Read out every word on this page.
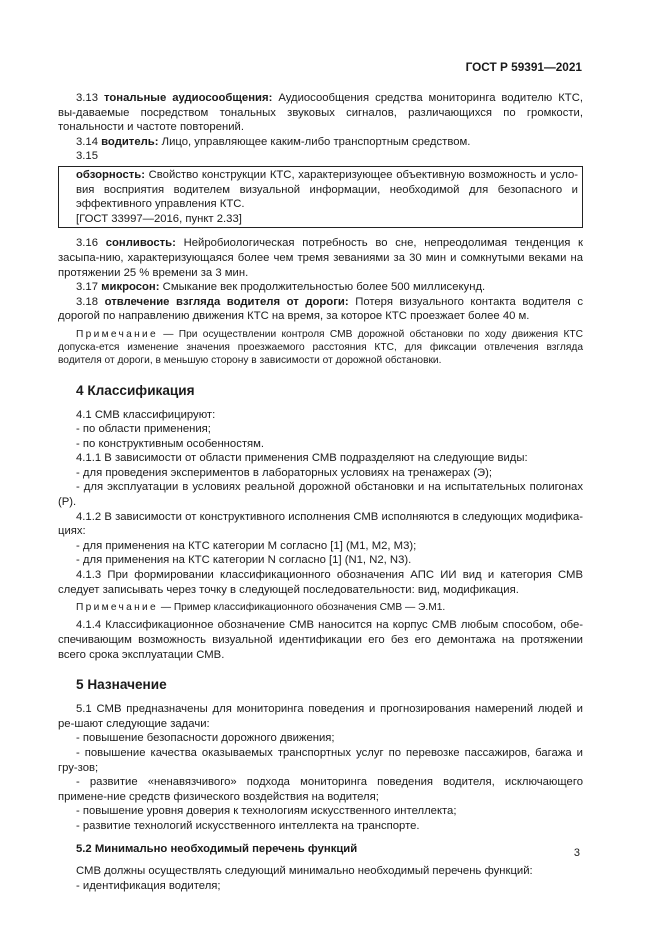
ГОСТ Р 59391—2021

3.13 тональные аудиосообщения: Аудиосообщения средства мониторинга водителю КТС, вы-даваемые посредством тональных звуковых сигналов, различающихся по громкости, тональности и частоте повторений.

3.14 водитель: Лицо, управляющее каким-либо транспортным средством.

3.15

обзорность: Свойство конструкции КТС, характеризующее объективную возможность и усло-вия восприятия водителем визуальной информации, необходимой для безопасного и эффективного управления КТС.

[ГОСТ 33997—2016, пункт 2.33]

3.16 сонливость: Нейробиологическая потребность во сне, непреодолимая тенденция к засыпа-нию, характеризующаяся более чем тремя зеваниями за 30 мин и сомкнутыми веками на протяжении 25 % времени за 3 мин.

3.17 микросон: Смыкание век продолжительностью более 500 миллисекунд.

3.18 отвлечение взгляда водителя от дороги: Потеря визуального контакта водителя с дорогой по направлению движения КТС на время, за которое КТС проезжает более 40 м.

Примечание — При осуществлении контроля СМВ дорожной обстановки по ходу движения КТС допуска-ется изменение значения проезжаемого расстояния КТС, для фиксации отвлечения взгляда водителя от дороги, в меньшую сторону в зависимости от дорожной обстановки.

4 Классификация

4.1 СМВ классифицируют:

- по области применения;

- по конструктивным особенностям.

4.1.1 В зависимости от области применения СМВ подразделяют на следующие виды:

- для проведения экспериментов в лабораторных условиях на тренажерах (Э);

- для эксплуатации в условиях реальной дорожной обстановки и на испытательных полигонах (Р).

4.1.2 В зависимости от конструктивного исполнения СМВ исполняются в следующих модифика-циях:

- для применения на КТС категории M согласно [1] (M1, M2, M3);

- для применения на КТС категории N согласно [1] (N1, N2, N3).

4.1.3 При формировании классификационного обозначения АПС ИИ вид и категория СМВ следует записывать через точку в следующей последовательности: вид, модификация.

Примечание — Пример классификационного обозначения СМВ — Э.M1.

4.1.4 Классификационное обозначение СМВ наносится на корпус СМВ любым способом, обе-спечивающим возможность визуальной идентификации его без его демонтажа на протяжении всего срока эксплуатации СМВ.

5 Назначение

5.1 СМВ предназначены для мониторинга поведения и прогнозирования намерений людей и ре-шают следующие задачи:

- повышение безопасности дорожного движения;

- повышение качества оказываемых транспортных услуг по перевозке пассажиров, багажа и гру-зов;

- развитие «ненавязчивого» подхода мониторинга поведения водителя, исключающего примене-ние средств физического воздействия на водителя;

- повышение уровня доверия к технологиям искусственного интеллекта;

- развитие технологий искусственного интеллекта на транспорте.

5.2 Минимально необходимый перечень функций

СМВ должны осуществлять следующий минимально необходимый перечень функций:

- идентификация водителя;

3
